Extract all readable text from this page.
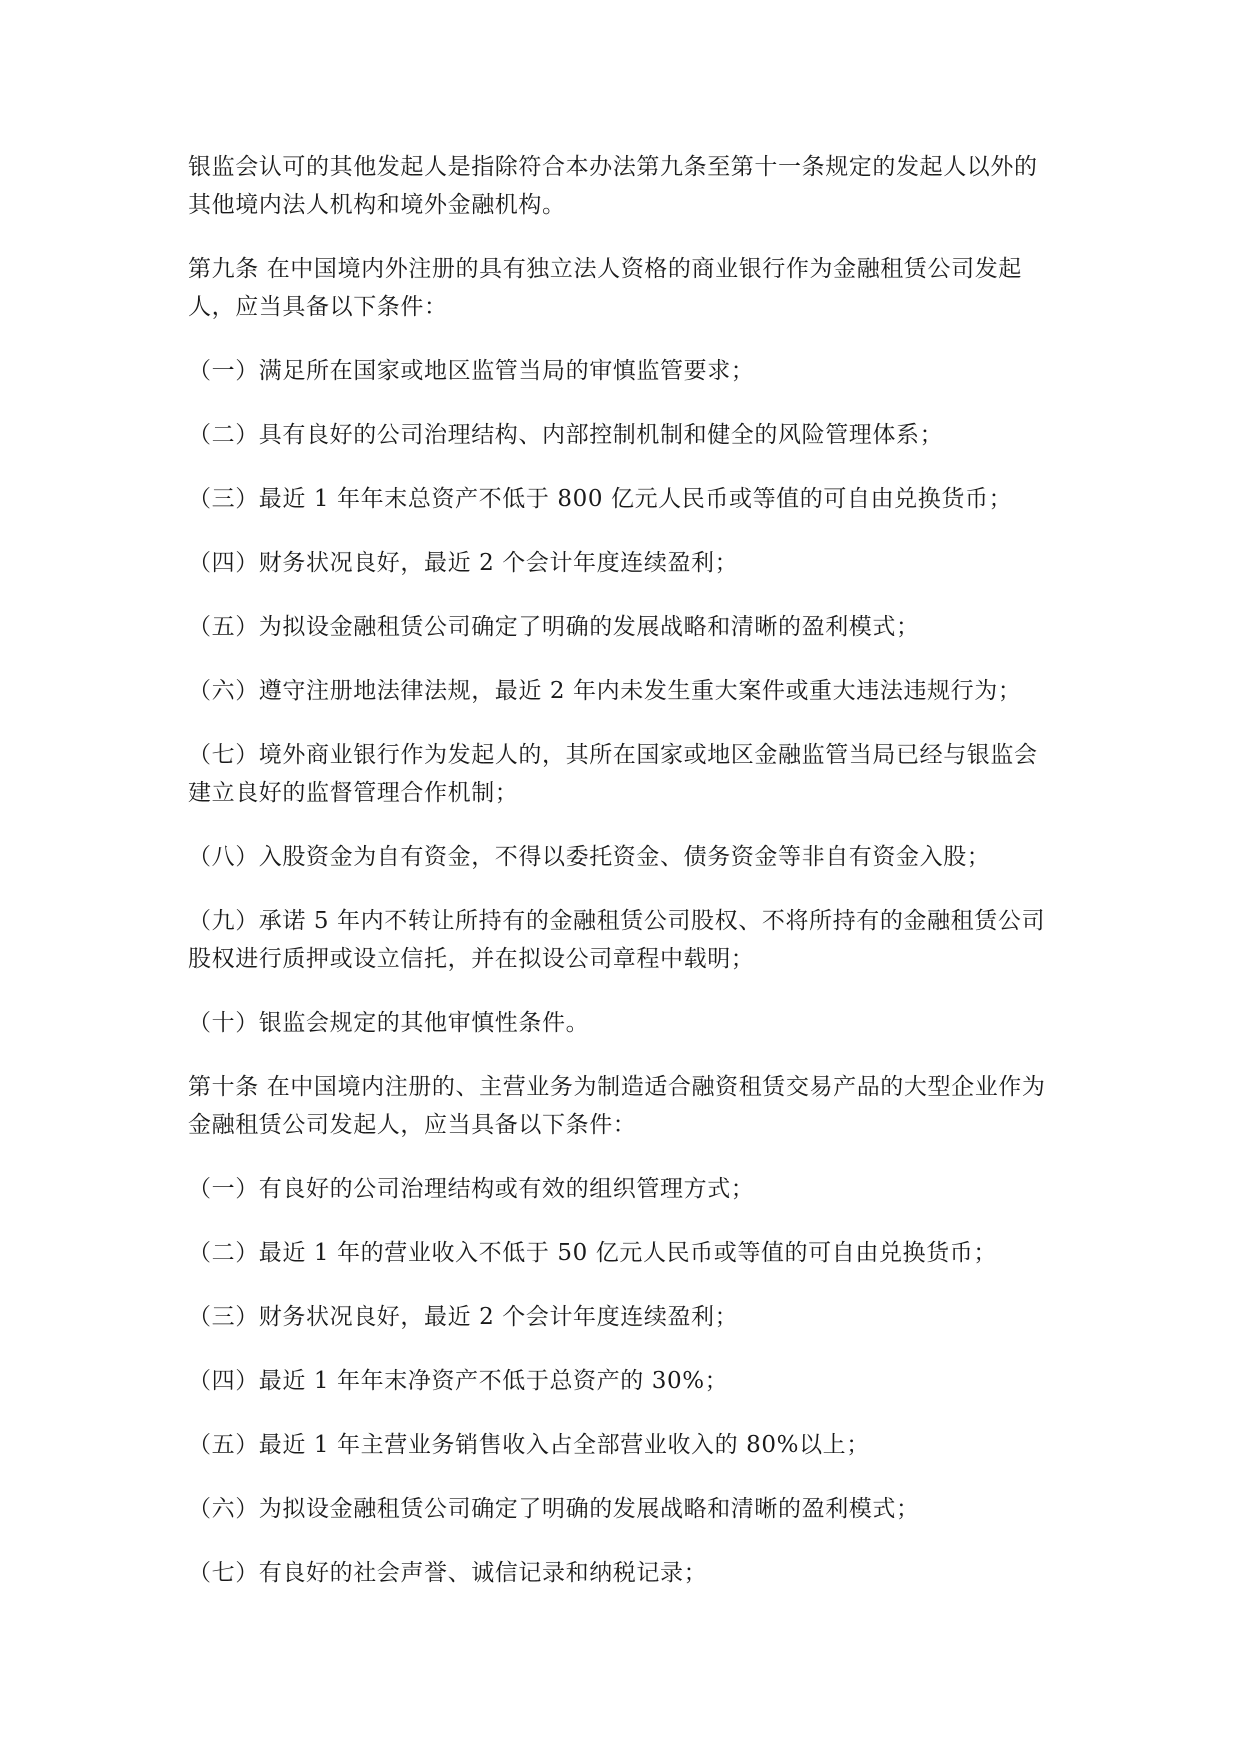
银监会认可的其他发起人是指除符合本办法第九条至第十一条规定的发起人以外的其他境内法人机构和境外金融机构。

第九条 在中国境内外注册的具有独立法人资格的商业银行作为金融租赁公司发起人，应当具备以下条件：

（一）满足所在国家或地区监管当局的审慎监管要求；

（二）具有良好的公司治理结构、内部控制机制和健全的风险管理体系；

（三）最近 1 年年末总资产不低于 800 亿元人民币或等值的可自由兑换货币；

（四）财务状况良好，最近 2 个会计年度连续盈利；

（五）为拟设金融租赁公司确定了明确的发展战略和清晰的盈利模式；

（六）遵守注册地法律法规，最近 2 年内未发生重大案件或重大违法违规行为；

（七）境外商业银行作为发起人的，其所在国家或地区金融监管当局已经与银监会建立良好的监督管理合作机制；

（八）入股资金为自有资金，不得以委托资金、债务资金等非自有资金入股；

（九）承诺 5 年内不转让所持有的金融租赁公司股权、不将所持有的金融租赁公司股权进行质押或设立信托，并在拟设公司章程中载明；

（十）银监会规定的其他审慎性条件。

第十条 在中国境内注册的、主营业务为制造适合融资租赁交易产品的大型企业作为金融租赁公司发起人，应当具备以下条件：

（一）有良好的公司治理结构或有效的组织管理方式；

（二）最近 1 年的营业收入不低于 50 亿元人民币或等值的可自由兑换货币；

（三）财务状况良好，最近 2 个会计年度连续盈利；

（四）最近 1 年年末净资产不低于总资产的 30%；

（五）最近 1 年主营业务销售收入占全部营业收入的 80%以上；

（六）为拟设金融租赁公司确定了明确的发展战略和清晰的盈利模式；

（七）有良好的社会声誉、诚信记录和纳税记录；
